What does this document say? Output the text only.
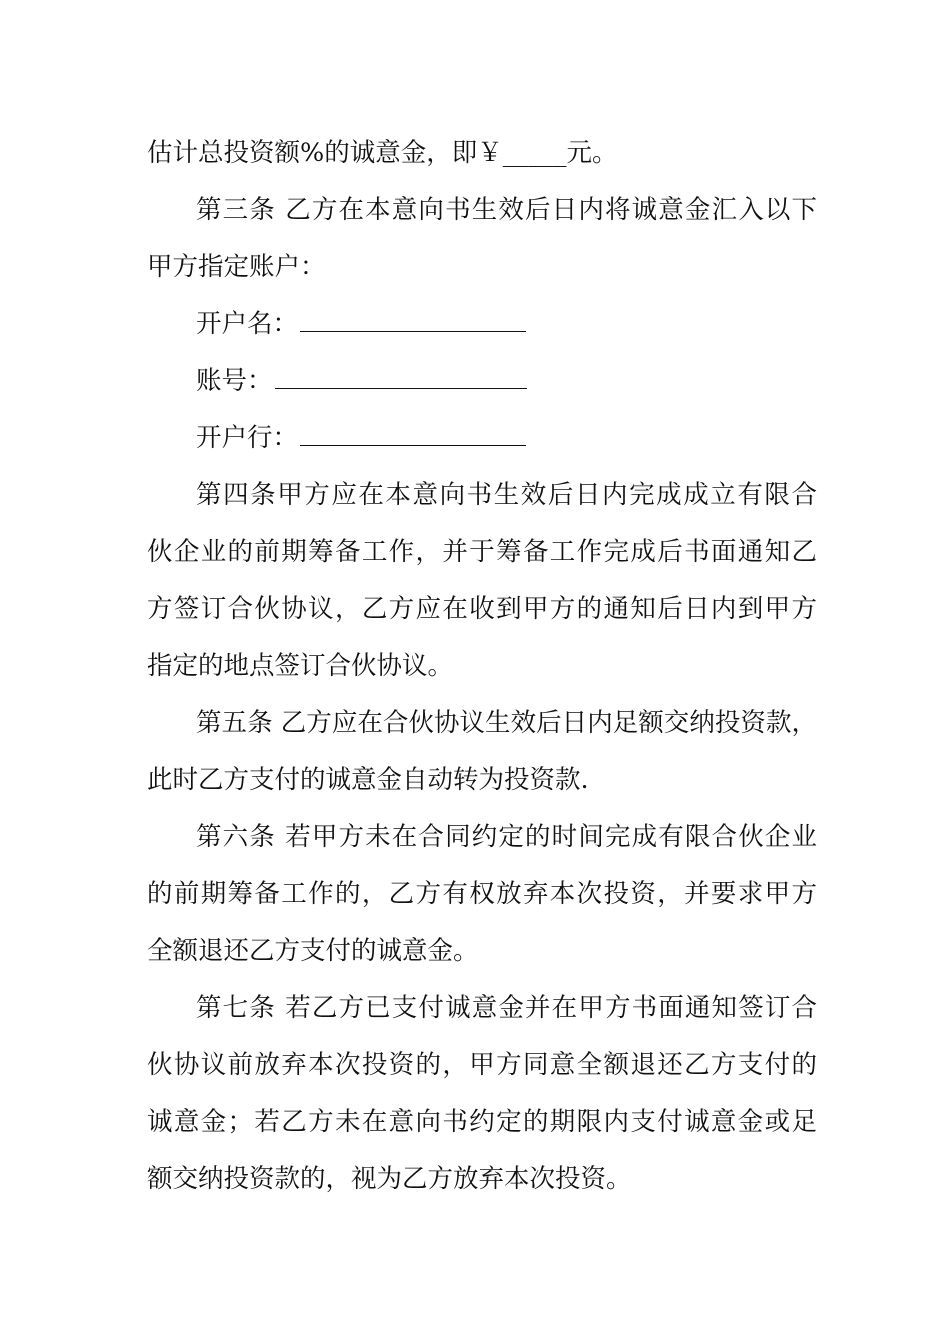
估计总投资额%的诚意金，即￥_____元。
第三条 乙方在本意向书生效后日内将诚意金汇入以下
甲方指定账户：
开户名：
账号：
开户行：
第四条甲方应在本意向书生效后日内完成成立有限合
伙企业的前期筹备工作，并于筹备工作完成后书面通知乙
方签订合伙协议，乙方应在收到甲方的通知后日内到甲方
指定的地点签订合伙协议。
第五条 乙方应在合伙协议生效后日内足额交纳投资款，
此时乙方支付的诚意金自动转为投资款.
第六条 若甲方未在合同约定的时间完成有限合伙企业
的前期筹备工作的，乙方有权放弃本次投资，并要求甲方
全额退还乙方支付的诚意金。
第七条 若乙方已支付诚意金并在甲方书面通知签订合
伙协议前放弃本次投资的，甲方同意全额退还乙方支付的
诚意金；若乙方未在意向书约定的期限内支付诚意金或足
额交纳投资款的，视为乙方放弃本次投资。
